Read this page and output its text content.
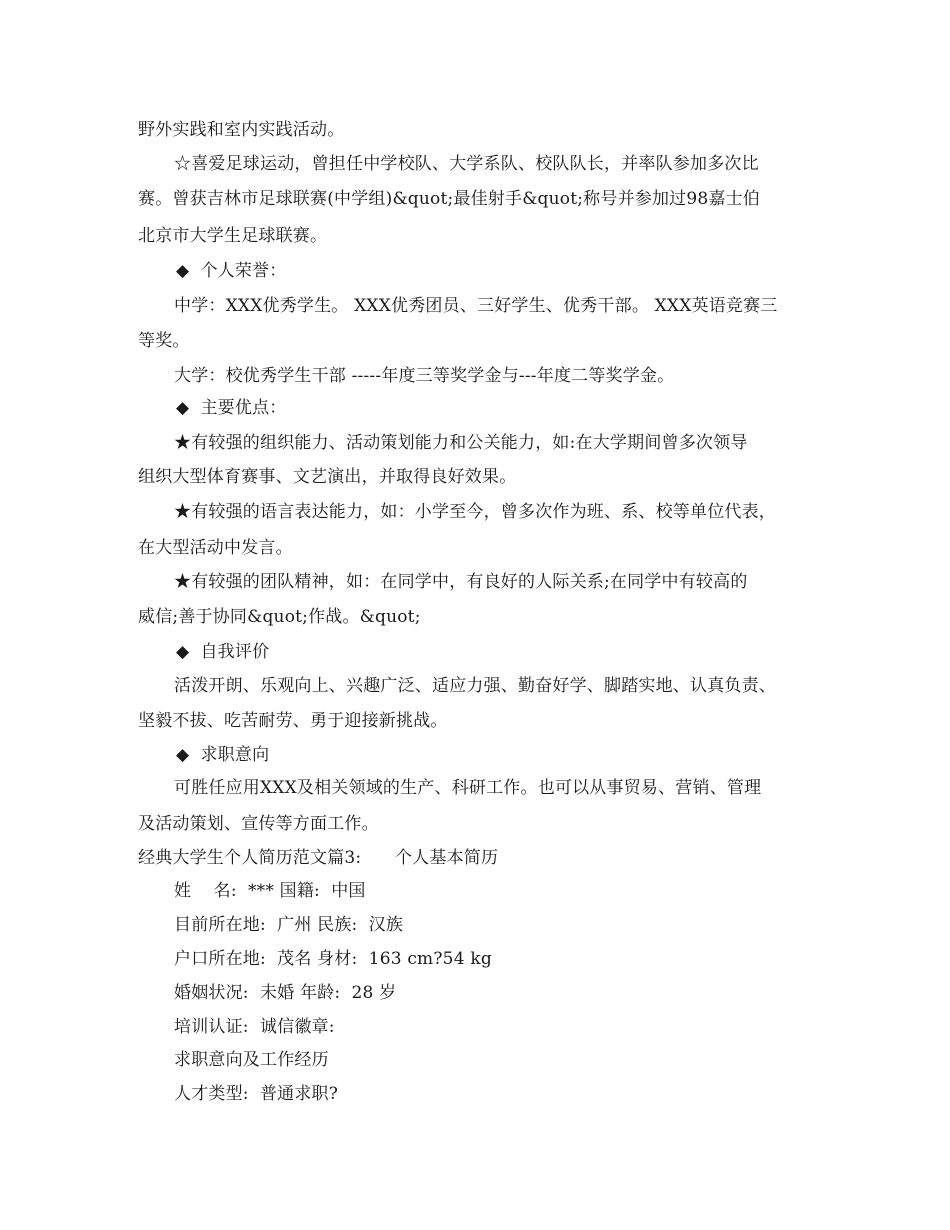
野外实践和室内实践活动。
☆喜爱足球运动，曾担任中学校队、大学系队、校队队长，并率队参加多次比
赛。曾获吉林市足球联赛(中学组)&quot;最佳射手&quot;称号并参加过98嘉士伯
北京市大学生足球联赛。
◆  个人荣誉：
中学：XXX优秀学生。 XXX优秀团员、三好学生、优秀干部。 XXX英语竞赛三
等奖。
大学：校优秀学生干部 -----年度三等奖学金与---年度二等奖学金。
◆  主要优点：
★有较强的组织能力、活动策划能力和公关能力，如:在大学期间曾多次领导
组织大型体育赛事、文艺演出，并取得良好效果。
★有较强的语言表达能力，如：小学至今，曾多次作为班、系、校等单位代表，
在大型活动中发言。
★有较强的团队精神，如：在同学中，有良好的人际关系;在同学中有较高的
威信;善于协同&quot;作战。&quot;
◆  自我评价
活泼开朗、乐观向上、兴趣广泛、适应力强、勤奋好学、脚踏实地、认真负责、
坚毅不拔、吃苦耐劳、勇于迎接新挑战。
◆  求职意向
可胜任应用XXX及相关领域的生产、科研工作。也可以从事贸易、营销、管理
及活动策划、宣传等方面工作。
经典大学生个人简历范文篇3:      个人基本简历
姓    名:  *** 国籍:  中国
目前所在地:  广州 民族:  汉族
户口所在地:  茂名 身材:  163 cm?54 kg
婚姻状况:  未婚 年龄:  28 岁
培训认证:  诚信徽章:
求职意向及工作经历
人才类型:  普通求职?
